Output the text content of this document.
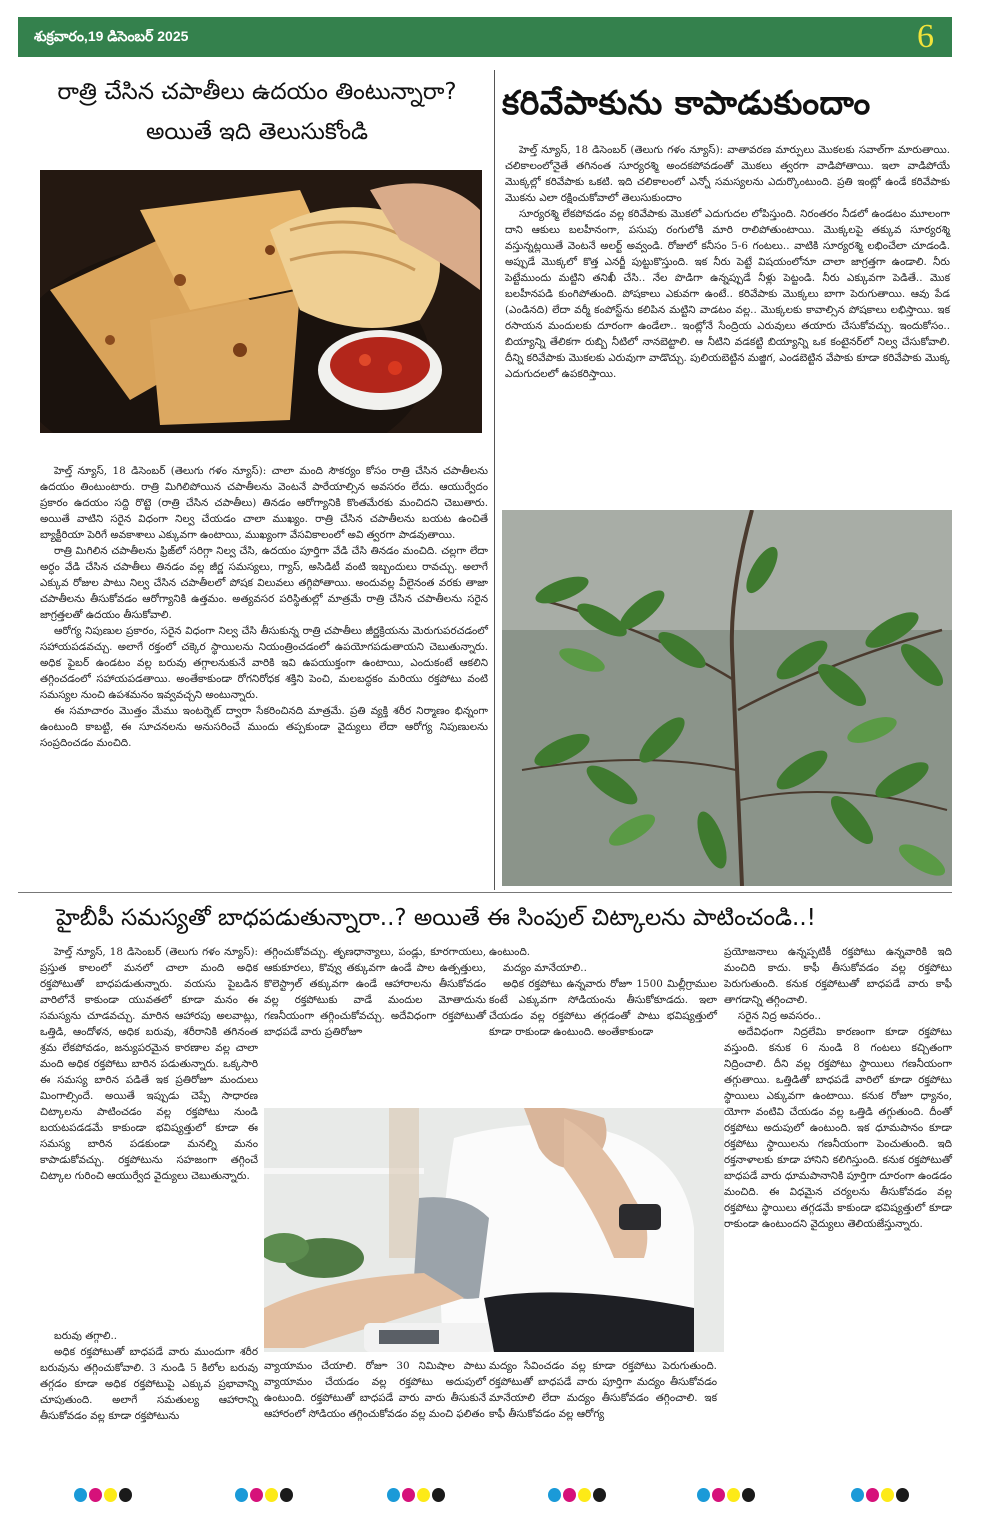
శుక్రవారం,19 డిసెంబర్ 2025	6
రాత్రి చేసిన చపాతీలు ఉదయం తింటున్నారా?
అయితే ఇది తెలుసుకోండి

హెల్త్ న్యూస్, 18 డిసెంబర్ (తెలుగు గళం న్యూస్): చాలా మంది సౌకర్యం కోసం రాత్రి చేసిన చపాతీలను ఉదయం తింటుంటారు. రాత్రి మిగిలిపోయిన చపాతీలను వెంటనే పారేయాల్సిన అవసరం లేదు. ఆయుర్వేదం ప్రకారం ఉదయం సద్ది రొట్టె (రాత్రి చేసిన చపాతీలు) తినడం ఆరోగ్యానికి కొంతమేరకు మంచిదని చెబుతారు. అయితే వాటిని సరైన విధంగా నిల్వ చేయడం చాలా ముఖ్యం. రాత్రి చేసిన చపాతీలను బయట ఉంచితే బ్యాక్టీరియా పెరిగే అవకాశాలు ఎక్కువగా ఉంటాయి, ముఖ్యంగా వేసవికాలంలో అవి త్వరగా పాడవుతాయి.

రాత్రి మిగిలిన చపాతీలను ఫ్రిజ్‌లో సరిగ్గా నిల్వ చేసి, ఉదయం పూర్తిగా వేడి చేసి తినడం మంచిది. చల్లగా లేదా అర్ధం వేడి చేసిన చపాతీలు తినడం వల్ల జీర్ణ సమస్యలు, గ్యాస్, అసిడిటీ వంటి ఇబ్బందులు రావచ్చు. అలాగే ఎక్కువ రోజుల పాటు నిల్వ చేసిన చపాతీలలో పోషక విలువలు తగ్గిపోతాయి. అందువల్ల వీలైనంత వరకు తాజా చపాతీలను తీసుకోవడం ఆరోగ్యానికి ఉత్తమం. అత్యవసర పరిస్థితుల్లో మాత్రమే రాత్రి చేసిన చపాతీలను సరైన జాగ్రత్తలతో ఉదయం తీసుకోవాలి.

ఆరోగ్య నిపుణుల ప్రకారం, సరైన విధంగా నిల్వ చేసి తీసుకున్న రాత్రి చపాతీలు జీర్ణక్రియను మెరుగుపరచడంలో సహాయపడవచ్చు. అలాగే రక్తంలో చక్కెర స్థాయిలను నియంత్రించడంలో ఉపయోగపడుతాయని చెబుతున్నారు. అధిక ఫైబర్ ఉండటం వల్ల బరువు తగ్గాలనుకునే వారికి ఇవి ఉపయుక్తంగా ఉంటాయి, ఎందుకంటే ఆకలిని తగ్గించడంలో సహాయపడతాయి. అంతేకాకుండా రోగనిరోధక శక్తిని పెంచి, మలబద్ధకం మరియు రక్తపోటు వంటి సమస్యల నుంచి ఉపశమనం ఇవ్వవచ్చని అంటున్నారు.

ఈ సమాచారం మొత్తం మేము ఇంటర్నెట్ ద్వారా సేకరించినది మాత్రమే. ప్రతి వ్యక్తి శరీర నిర్మాణం భిన్నంగా ఉంటుంది కాబట్టి, ఈ సూచనలను అనుసరించే ముందు తప్పకుండా వైద్యులు లేదా ఆరోగ్య నిపుణులను సంప్రదించడం మంచిది.

కరివేపాకును కాపాడుకుందాం

హెల్త్ న్యూస్, 18 డిసెంబర్ (తెలుగు గళం న్యూస్): వాతావరణ మార్పులు మొకలకు సవాల్‌గా మారుతాయి. చలికాలంలోనైతే తగినంత సూర్యరశ్మి అందకపోవడంతో మొకలు త్వరగా వాడిపోతాయి. ఇలా వాడిపోయే మొక్కల్లో కరివేపాకు ఒకటి. ఇది చలికాలంలో ఎన్నో సమస్యలను ఎదుర్కొంటుంది. ప్రతి ఇంట్లో ఉండే కరివేపాకు మొకను ఎలా రక్షించుకోవాలో తెలుసుకుందాం

సూర్యరశ్మి లేకపోవడం వల్ల కరివేపాకు మొకలో ఎదుగుదల లోపిస్తుంది. నిరంతరం నీడలో ఉండటం మూలంగా దాని ఆకులు బలహీనంగా, పసుపు రంగులోకి మారి రాలిపోతుంటాయి. మొక్కలపై తక్కువ సూర్యరశ్మి వస్తున్నట్లయితే వెంటనే అలర్ట్ అవ్వండి. రోజులో కనీసం 5-6 గంటలు.. వాటికి సూర్యరశ్మి లభించేలా చూడండి. అప్పుడే మొక్కలో కొత్త ఎనర్జీ పుట్టుకొస్తుంది. ఇక నీరు పెట్టే విషయంలోనూ చాలా జాగ్రత్తగా ఉండాలి. నీరు పెట్టేముందు మట్టిని తనిఖీ చేసి.. నేల పొడిగా ఉన్నప్పుడే నీళ్లు పెట్టండి. నీరు ఎక్కువగా పెడితే.. మొక బలహీనపడి కుంగిపోతుంది. పోషకాలు ఎకువగా ఉంటే.. కరివేపాకు మొక్కలు బాగా పెరుగుతాయి. ఆవు పేడ (ఎండినది) లేదా వర్మీ కంపోస్ట్‌ను కలిపిన మట్టిని వాడటం వల్ల.. మొక్కలకు కావాల్సిన పోషకాలు లభిస్తాయి. ఇక రసాయన మందులకు దూరంగా ఉండేలా.. ఇంట్లోనే సేంద్రియ ఎరువులు తయారు చేసుకోవచ్చు. ఇందుకోసం.. బియ్యాన్ని తేలికగా రుబ్బి నీటిలో నానబెట్టాలి. ఆ నీటిని వడకట్టి బియ్యాన్ని ఒక కంటైనర్‌లో నిల్వ చేసుకోవాలి. దీన్ని కరివేపాకు మొకలకు ఎరువుగా వాడొచ్చు. పులియబెట్టిన మజ్జిగ, ఎండబెట్టిన వేపాకు కూడా కరివేపాకు మొక్క ఎదుగుదలలో ఉపకరిస్తాయి.

హైబీపీ సమస్యతో బాధపడుతున్నారా..? అయితే ఈ సింపుల్ చిట్కాలను పాటించండి..!

హెల్త్ న్యూస్, 18 డిసెంబర్ (తెలుగు గళం న్యూస్): ప్రస్తుత కాలంలో మనలో చాలా మంది అధిక రక్తపోటుతో బాధపడుతున్నారు. వయసు పైబడిన వారిలోనే కాకుండా యువతలో కూడా మనం ఈ సమస్యను చూడవచ్చు. మారిన ఆహారపు అలవాట్లు, ఒత్తిడి, ఆందోళన, అధిక బరువు, శరీరానికి తగినంత శ్రమ లేకపోవడం, జన్యుపరమైన కారణాల వల్ల చాలా మంది అధిక రక్తపోటు బారిన పడుతున్నారు. ఒక్కసారి ఈ సమస్య బారిన పడితే ఇక ప్రతిరోజూ మందులు మింగాల్సిందే. అయితే ఇప్పుడు చెప్పే సాధారణ చిట్కాలను పాటించడం వల్ల రక్తపోటు నుండి బయటపడడమే కాకుండా భవిష్యత్తులో కూడా ఈ సమస్య బారిన పడకుండా మనల్ని మనం కాపాడుకోవచ్చు. రక్తపోటును సహజంగా తగ్గించే చిట్కాల గురించి ఆయుర్వేద వైద్యులు చెబుతున్నారు.

బరువు తగ్గాలి..

అధిక రక్తపోటుతో బాధపడే వారు ముందుగా శరీర బరువును తగ్గించుకోవాలి. 3 నుండి 5 కిలోల బరువు తగ్గడం కూడా అధిక రక్తపోటుపై ఎక్కువ ప్రభావాన్ని చూపుతుంది. అలాగే సమతుల్య ఆహారాన్ని తీసుకోవడం వల్ల కూడా రక్తపోటును

తగ్గించుకోవచ్చు. తృణధాన్యాలు, పండ్లు, కూరగాయలు, ఆకుకూరలు, కొవ్వు తక్కువగా ఉండే పాల ఉత్పత్తులు, కొలెస్ట్రాల్ తక్కువగా ఉండే ఆహారాలను తీసుకోవడం వల్ల రక్తపోటుకు వాడే మందుల మోతాదును గణనీయంగా తగ్గించుకోవచ్చు. అదేవిధంగా రక్తపోటుతో బాధపడే వారు ప్రతిరోజూ

ఉంటుంది.

మద్యం మానేయాలి..

అధిక రక్తపోటు ఉన్నవారు రోజూ 1500 మిల్లీగ్రాముల కంటే ఎక్కువగా సోడియంను తీసుకోకూడదు. ఇలా చేయడం వల్ల రక్తపోటు తగ్గడంతో పాటు భవిష్యత్తులో కూడా రాకుండా ఉంటుంది. అంతేకాకుండా

వ్యాయామం చేయాలి. రోజూ 30 నిమిషాల పాటు వ్యాయామం చేయడం వల్ల రక్తపోటు అదుపులో ఉంటుంది. రక్తపోటుతో బాధపడే వారు వారు తీసుకునే ఆహారంలో సోడియం తగ్గించుకోవడం వల్ల మంచి ఫలితం

మద్యం సేవించడం వల్ల కూడా రక్తపోటు పెరుగుతుంది. రక్తపోటుతో బాధపడే వారు పూర్తిగా మద్యం తీసుకోవడం మానేయాలి లేదా మద్యం తీసుకోవడం తగ్గించాలి. ఇక కాఫీ తీసుకోవడం వల్ల ఆరోగ్య

ప్రయోజనాలు ఉన్నప్పటికీ రక్తపోటు ఉన్నవారికి ఇది మంచిది కాదు. కాఫీ తీసుకోవడం వల్ల రక్తపోటు పెరుగుతుంది. కనుక రక్తపోటుతో బాధపడే వారు కాఫీ తాగడాన్ని తగ్గించాలి.

సరైన నిద్ర అవసరం..

అదేవిధంగా నిద్రలేమి కారణంగా కూడా రక్తపోటు వస్తుంది. కనుక 6 నుండి 8 గంటలు కచ్చితంగా నిద్రించాలి. దీని వల్ల రక్తపోటు స్థాయిలు గణనీయంగా తగ్గుతాయి. ఒత్తిడితో బాధపడే వారిలో కూడా రక్తపోటు స్థాయిలు ఎక్కువగా ఉంటాయి. కనుక రోజూ ధ్యానం, యోగా వంటివి చేయడం వల్ల ఒత్తిడి తగ్గుతుంది. దీంతో రక్తపోటు అదుపులో ఉంటుంది. ఇక ధూమపానం కూడా రక్తపోటు స్థాయిలను గణనీయంగా పెంచుతుంది. ఇది రక్తనాళాలకు కూడా హానిని కలిగిస్తుంది. కనుక రక్తపోటుతో బాధపడే వారు ధూమపానానికి పూర్తిగా దూరంగా ఉండడం మంచిది. ఈ విధమైన చర్యలను తీసుకోవడం వల్ల రక్తపోటు స్థాయిలు తగ్గడమే కాకుండా భవిష్యత్తులో కూడా రాకుండా ఉంటుందని వైద్యులు తెలియజేస్తున్నారు.
